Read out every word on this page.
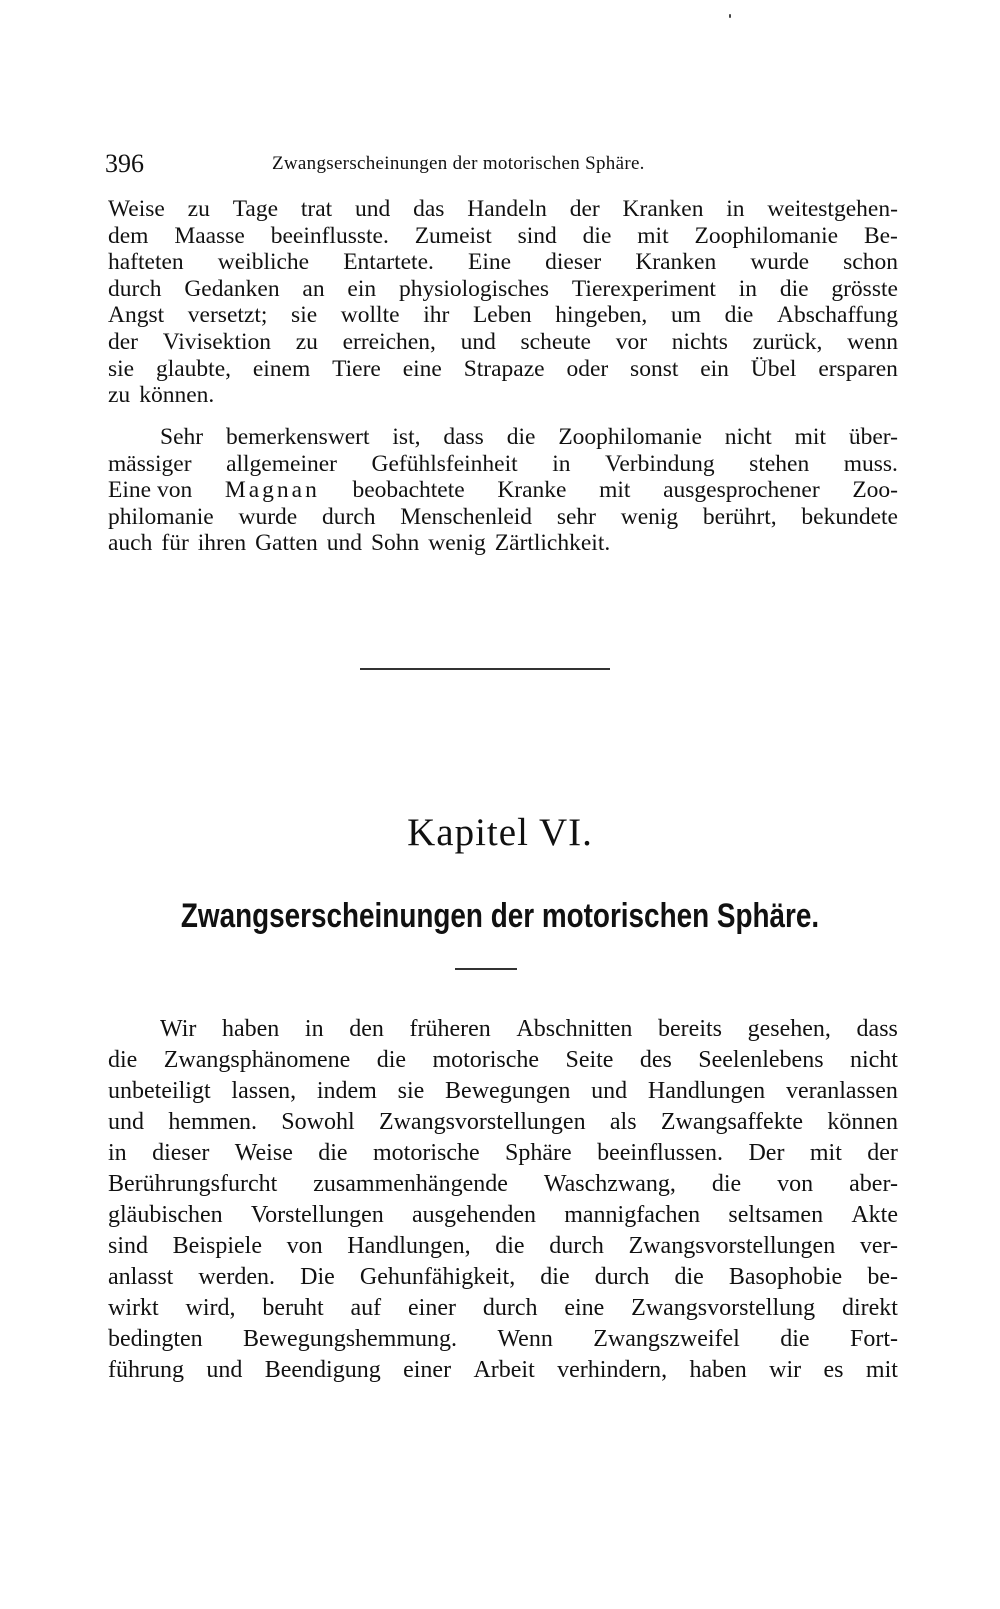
396	Zwangserscheinungen der motorischen Sphäre.
Weise zu Tage trat und das Handeln der Kranken in weitestgehen-
dem Maasse beeinflusste. Zumeist sind die mit Zoophilomanie Be-
hafteten weibliche Entartete. Eine dieser Kranken wurde schon
durch Gedanken an ein physiologisches Tierexperiment in die grösste
Angst versetzt; sie wollte ihr Leben hingeben, um die Abschaffung
der Vivisektion zu erreichen, und scheute vor nichts zurück, wenn
sie glaubte, einem Tiere eine Strapaze oder sonst ein Übel ersparen
zu können.
Sehr bemerkenswert ist, dass die Zoophilomanie nicht mit über-
mässiger allgemeiner Gefühlsfeinheit in Verbindung stehen muss.
Eine von Magnan beobachtete Kranke mit ausgesprochener Zoo-
philomanie wurde durch Menschenleid sehr wenig berührt, bekundete
auch für ihren Gatten und Sohn wenig Zärtlichkeit.
Kapitel VI.
Zwangserscheinungen der motorischen Sphäre.
Wir haben in den früheren Abschnitten bereits gesehen, dass
die Zwangsphänomene die motorische Seite des Seelenlebens nicht
unbeteiligt lassen, indem sie Bewegungen und Handlungen veranlassen
und hemmen. Sowohl Zwangsvorstellungen als Zwangsaffekte können
in dieser Weise die motorische Sphäre beeinflussen. Der mit der
Berührungsfurcht zusammenhängende Waschzwang, die von aber-
gläubischen Vorstellungen ausgehenden mannigfachen seltsamen Akte
sind Beispiele von Handlungen, die durch Zwangsvorstellungen ver-
anlasst werden. Die Gehunfähigkeit, die durch die Basophobie be-
wirkt wird, beruht auf einer durch eine Zwangsvorstellung direkt
bedingten Bewegungshemmung. Wenn Zwangszweifel die Fort-
führung und Beendigung einer Arbeit verhindern, haben wir es mit
